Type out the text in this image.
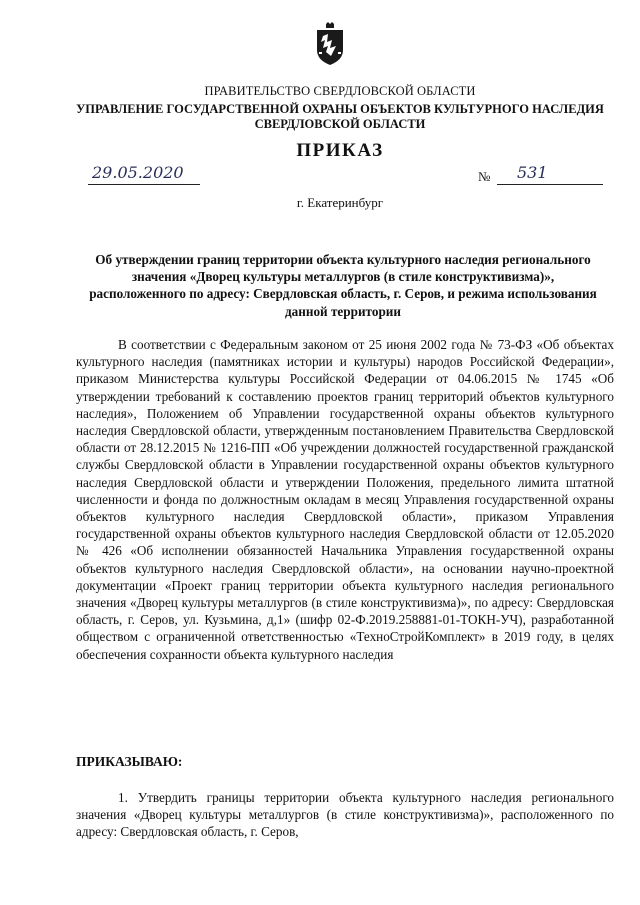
ПРАВИТЕЛЬСТВО СВЕРДЛОВСКОЙ ОБЛАСТИ
УПРАВЛЕНИЕ ГОСУДАРСТВЕННОЙ ОХРАНЫ ОБЪЕКТОВ КУЛЬТУРНОГО НАСЛЕДИЯ
СВЕРДЛОВСКОЙ ОБЛАСТИ
ПРИКАЗ
29.05.2020	№ 531
г. Екатеринбург
Об утверждении границ территории объекта культурного наследия регионального значения «Дворец культуры металлургов (в стиле конструктивизма)», расположенного по адресу: Свердловская область, г. Серов, и режима использования данной территории

В соответствии с Федеральным законом от 25 июня 2002 года № 73-ФЗ «Об объектах культурного наследия (памятниках истории и культуры) народов Российской Федерации», приказом Министерства культуры Российской Федерации от 04.06.2015 № 1745 «Об утверждении требований к составлению проектов границ территорий объектов культурного наследия», Положением об Управлении государственной охраны объектов культурного наследия Свердловской области, утвержденным постановлением Правительства Свердловской области от 28.12.2015 № 1216-ПП «Об учреждении должностей государственной гражданской службы Свердловской области в Управлении государственной охраны объектов культурного наследия Свердловской области и утверждении Положения, предельного лимита штатной численности и фонда по должностным окладам в месяц Управления государственной охраны объектов культурного наследия Свердловской области», приказом Управления государственной охраны объектов культурного наследия Свердловской области от 12.05.2020 № 426 «Об исполнении обязанностей Начальника Управления государственной охраны объектов культурного наследия Свердловской области», на основании научно-проектной документации «Проект границ территории объекта культурного наследия регионального значения «Дворец культуры металлургов (в стиле конструктивизма)», по адресу: Свердловская область, г. Серов, ул. Кузьмина, д,1» (шифр 02-Ф.2019.258881-01-ТОКН-УЧ), разработанной обществом с ограниченной ответственностью «ТехноСтройКомплект» в 2019 году, в целях обеспечения сохранности объекта культурного наследия

ПРИКАЗЫВАЮ:

1. Утвердить границы территории объекта культурного наследия регионального значения «Дворец культуры металлургов (в стиле конструктивизма)», расположенного по адресу: Свердловская область, г. Серов,
